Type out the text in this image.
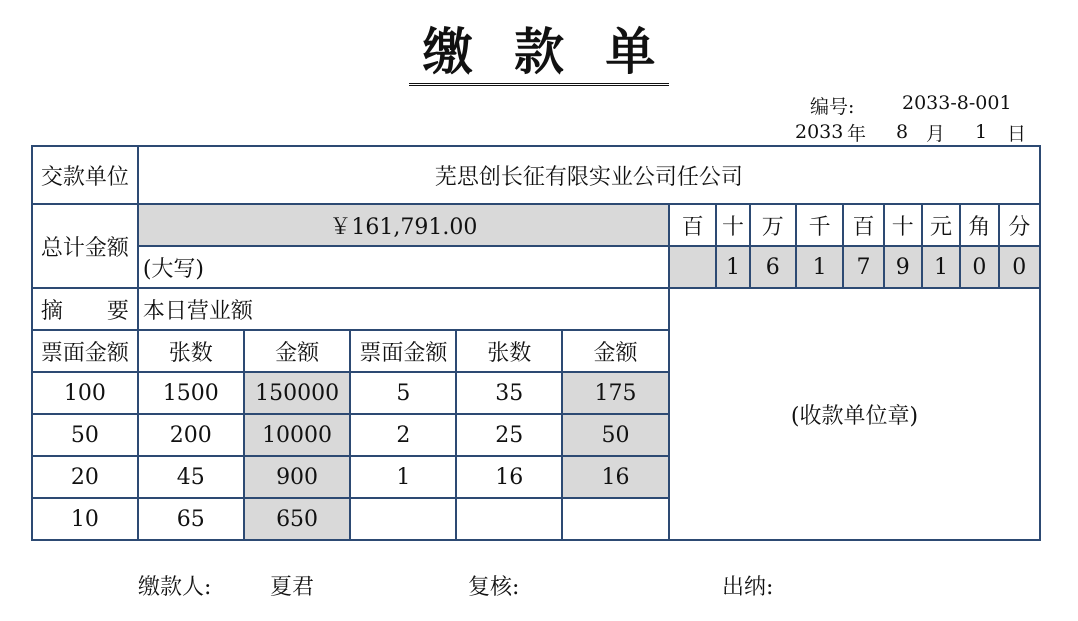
缴 款 单
编号:	2033-8-001
2033 年 8 月 1 日
交款单位	芜思创长征有限实业公司任公司													
总计金额	￥161,791.00					百	十	万	千	百	十	元	角	分
	(大写)						1	6	1	7	9	1	0	0
摘　　要	本日营业额					(收款单位章)								
票面金额	张数	金额	票面金额	张数	金额									
100	1500	150000	5	35	175									
50	200	10000	2	25	50									
20	45	900	1	16	16									
10	65	650												
缴款人:	夏君	复核:	出纳:
